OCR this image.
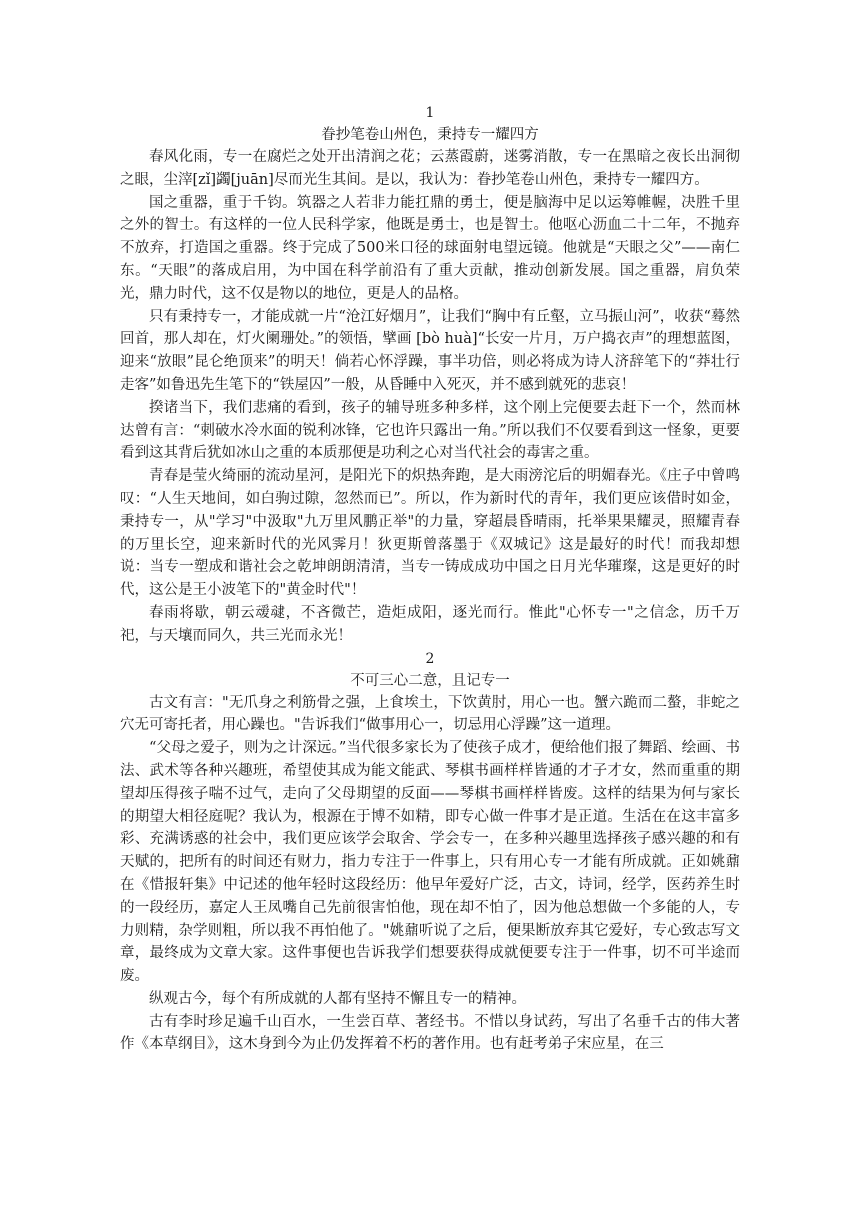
1

眷抄笔卷山州色，秉持专一耀四方

春风化雨，专一在腐烂之处开出清润之花；云蒸霞蔚，迷雾消散，专一在黑暗之夜长出洞彻之眼，尘滓[zǐ]蠲[juān]尽而光生其间。是以，我认为：眷抄笔卷山州色，秉持专一耀四方。

国之重器，重于千钧。筑器之人若非力能扛鼎的勇士，便是脑海中足以运筹帷幄，决胜千里之外的智士。有这样的一位人民科学家，他既是勇士，也是智士。他呕心沥血二十二年，不抛弃不放弃，打造国之重器。终于完成了500米口径的球面射电望远镜。他就是“天眼之父”——南仁东。“天眼”的落成启用，为中国在科学前沿有了重大贡献，推动创新发展。国之重器，肩负荣光，鼎力时代，这不仅是物以的地位，更是人的品格。

只有秉持专一，才能成就一片“沧江好烟月”，让我们“胸中有丘壑，立马振山河”，收获“蓦然回首，那人却在，灯火阑珊处。”的领悟，擘画 [bò huà]“长安一片月，万户捣衣声”的理想蓝图，迎来“放眼”昆仑绝顶来”的明天！倘若心怀浮躁，事半功倍，则必将成为诗人济辞笔下的“莽壮行走客”如鲁迅先生笔下的“铁屋囚”一般，从昏睡中入死灭，并不感到就死的悲哀！

揆诸当下，我们悲痛的看到，孩子的辅导班多种多样，这个刚上完便要去赶下一个，然而林达曾有言：“刺破水冷水面的锐利冰锋，它也许只露出一角。”所以我们不仅要看到这一怪象，更要看到这其背后犹如冰山之重的本质那便是功利之心对当代社会的毒害之重。

青春是莹火绮丽的流动星河，是阳光下的炽热奔跑，是大雨滂沱后的明媚春光。《庄子中曾鸣叹：“人生天地间，如白驹过隙，忽然而已”。所以，作为新时代的青年，我们更应该借时如金，秉持专一，从"学习"中汲取"九万里风鹏正举"的力量，穿超晨昏晴雨，托举果果耀灵，照耀青春的万里长空，迎来新时代的光风霁月！狄更斯曾落墨于《双城记》这是最好的时代！而我却想说：当专一塑成和谐社会之乾坤朗朗清清，当专一铸成成功中国之日月光华璀璨，这是更好的时代，这公是王小波笔下的"黄金时代"！

春雨将歇，朝云叆叇，不吝微芒，造炬成阳，逐光而行。惟此"心怀专一"之信念，历千万祀，与天壤而同久，共三光而永光！

2

不可三心二意，且记专一

古文有言："无爪身之利筋骨之强，上食埃土，下饮黄肘，用心一也。蟹六跪而二螯，非蛇之穴无可寄托者，用心躁也。"告诉我们“做事用心一，切忌用心浮躁”这一道理。

“父母之爱子，则为之计深远。”当代很多家长为了使孩子成才，便给他们报了舞蹈、绘画、书法、武术等各种兴趣班，希望使其成为能文能武、琴棋书画样样皆通的才子才女，然而重重的期望却压得孩子喘不过气，走向了父母期望的反面——琴棋书画样样皆废。这样的结果为何与家长的期望大相径庭呢？我认为，根源在于博不如精，即专心做一件事才是正道。生活在在这丰富多彩、充满诱惑的社会中，我们更应该学会取舍、学会专一，在多种兴趣里选择孩子感兴趣的和有天赋的，把所有的时间还有财力，指力专注于一件事上，只有用心专一才能有所成就。正如姚鼐在《惜报轩集》中记述的他年轻时这段经历：他早年爱好广泛，古文，诗词，经学，医药养生时的一段经历，嘉定人王凤嘴自己先前很害怕他，现在却不怕了，因为他总想做一个多能的人，专力则精，杂学则粗，所以我不再怕他了。"姚鼐听说了之后，便果断放弃其它爱好，专心致志写文章，最终成为文章大家。这件事便也告诉我学们想要获得成就便要专注于一件事，切不可半途而废。

纵观古今，每个有所成就的人都有坚持不懈且专一的精神。

古有李时珍足遍千山百水，一生尝百草、著经书。不惜以身试药，写出了名垂千古的伟大著作《本草纲目》，这木身到今为止仍发挥着不朽的著作用。也有赶考弟子宋应星，在三
